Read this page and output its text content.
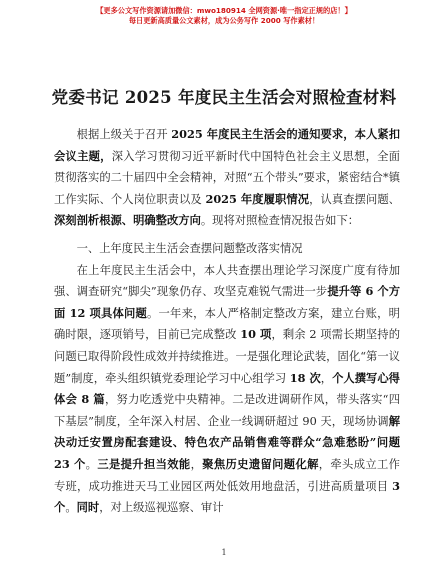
【更多公文写作资源请加微信：mwo180914 全网资源·唯一指定正规的店！】
每日更新高质量公文素材，成为公务写作 2000 写作素材！
党委书记 2025 年度民主生活会对照检查材料

根据上级关于召开 2025 年度民主生活会的通知要求，本人紧扣会议主题，深入学习贯彻习近平新时代中国特色社会主义思想，全面贯彻落实的二十届四中全会精神，对照“五个带头”要求，紧密结合*镇工作实际、个人岗位职责以及 2025 年度履职情况，认真查摆问题、深刻剖析根源、明确整改方向。现将对照检查情况报告如下：

一、上年度民主生活会查摆问题整改落实情况

在上年度民主生活会中，本人共查摆出理论学习深度广度有待加强、调查研究“脚尖”现象仍存、攻坚克难锐气需进一步提升等 6 个方面 12 项具体问题。一年来，本人严格制定整改方案，建立台账，明确时限，逐项销号，目前已完成整改 10 项，剩余 2 项需长期坚持的问题已取得阶段性成效并持续推进。一是强化理论武装，固化“第一议题”制度，牵头组织镇党委理论学习中心组学习 18 次，个人撰写心得体会 8 篇，努力吃透党中央精神。二是改进调研作风，带头落实“四下基层”制度，全年深入村居、企业一线调研超过 90 天，现场协调解决动迁安置房配套建设、特色农产品销售难等群众“急难愁盼”问题 23 个。三是提升担当效能，聚焦历史遗留问题化解，牵头成立工作专班，成功推进天马工业园区两处低效用地盘活，引进高质量项目 3 个。同时，对上级巡视巡察、审计

1
